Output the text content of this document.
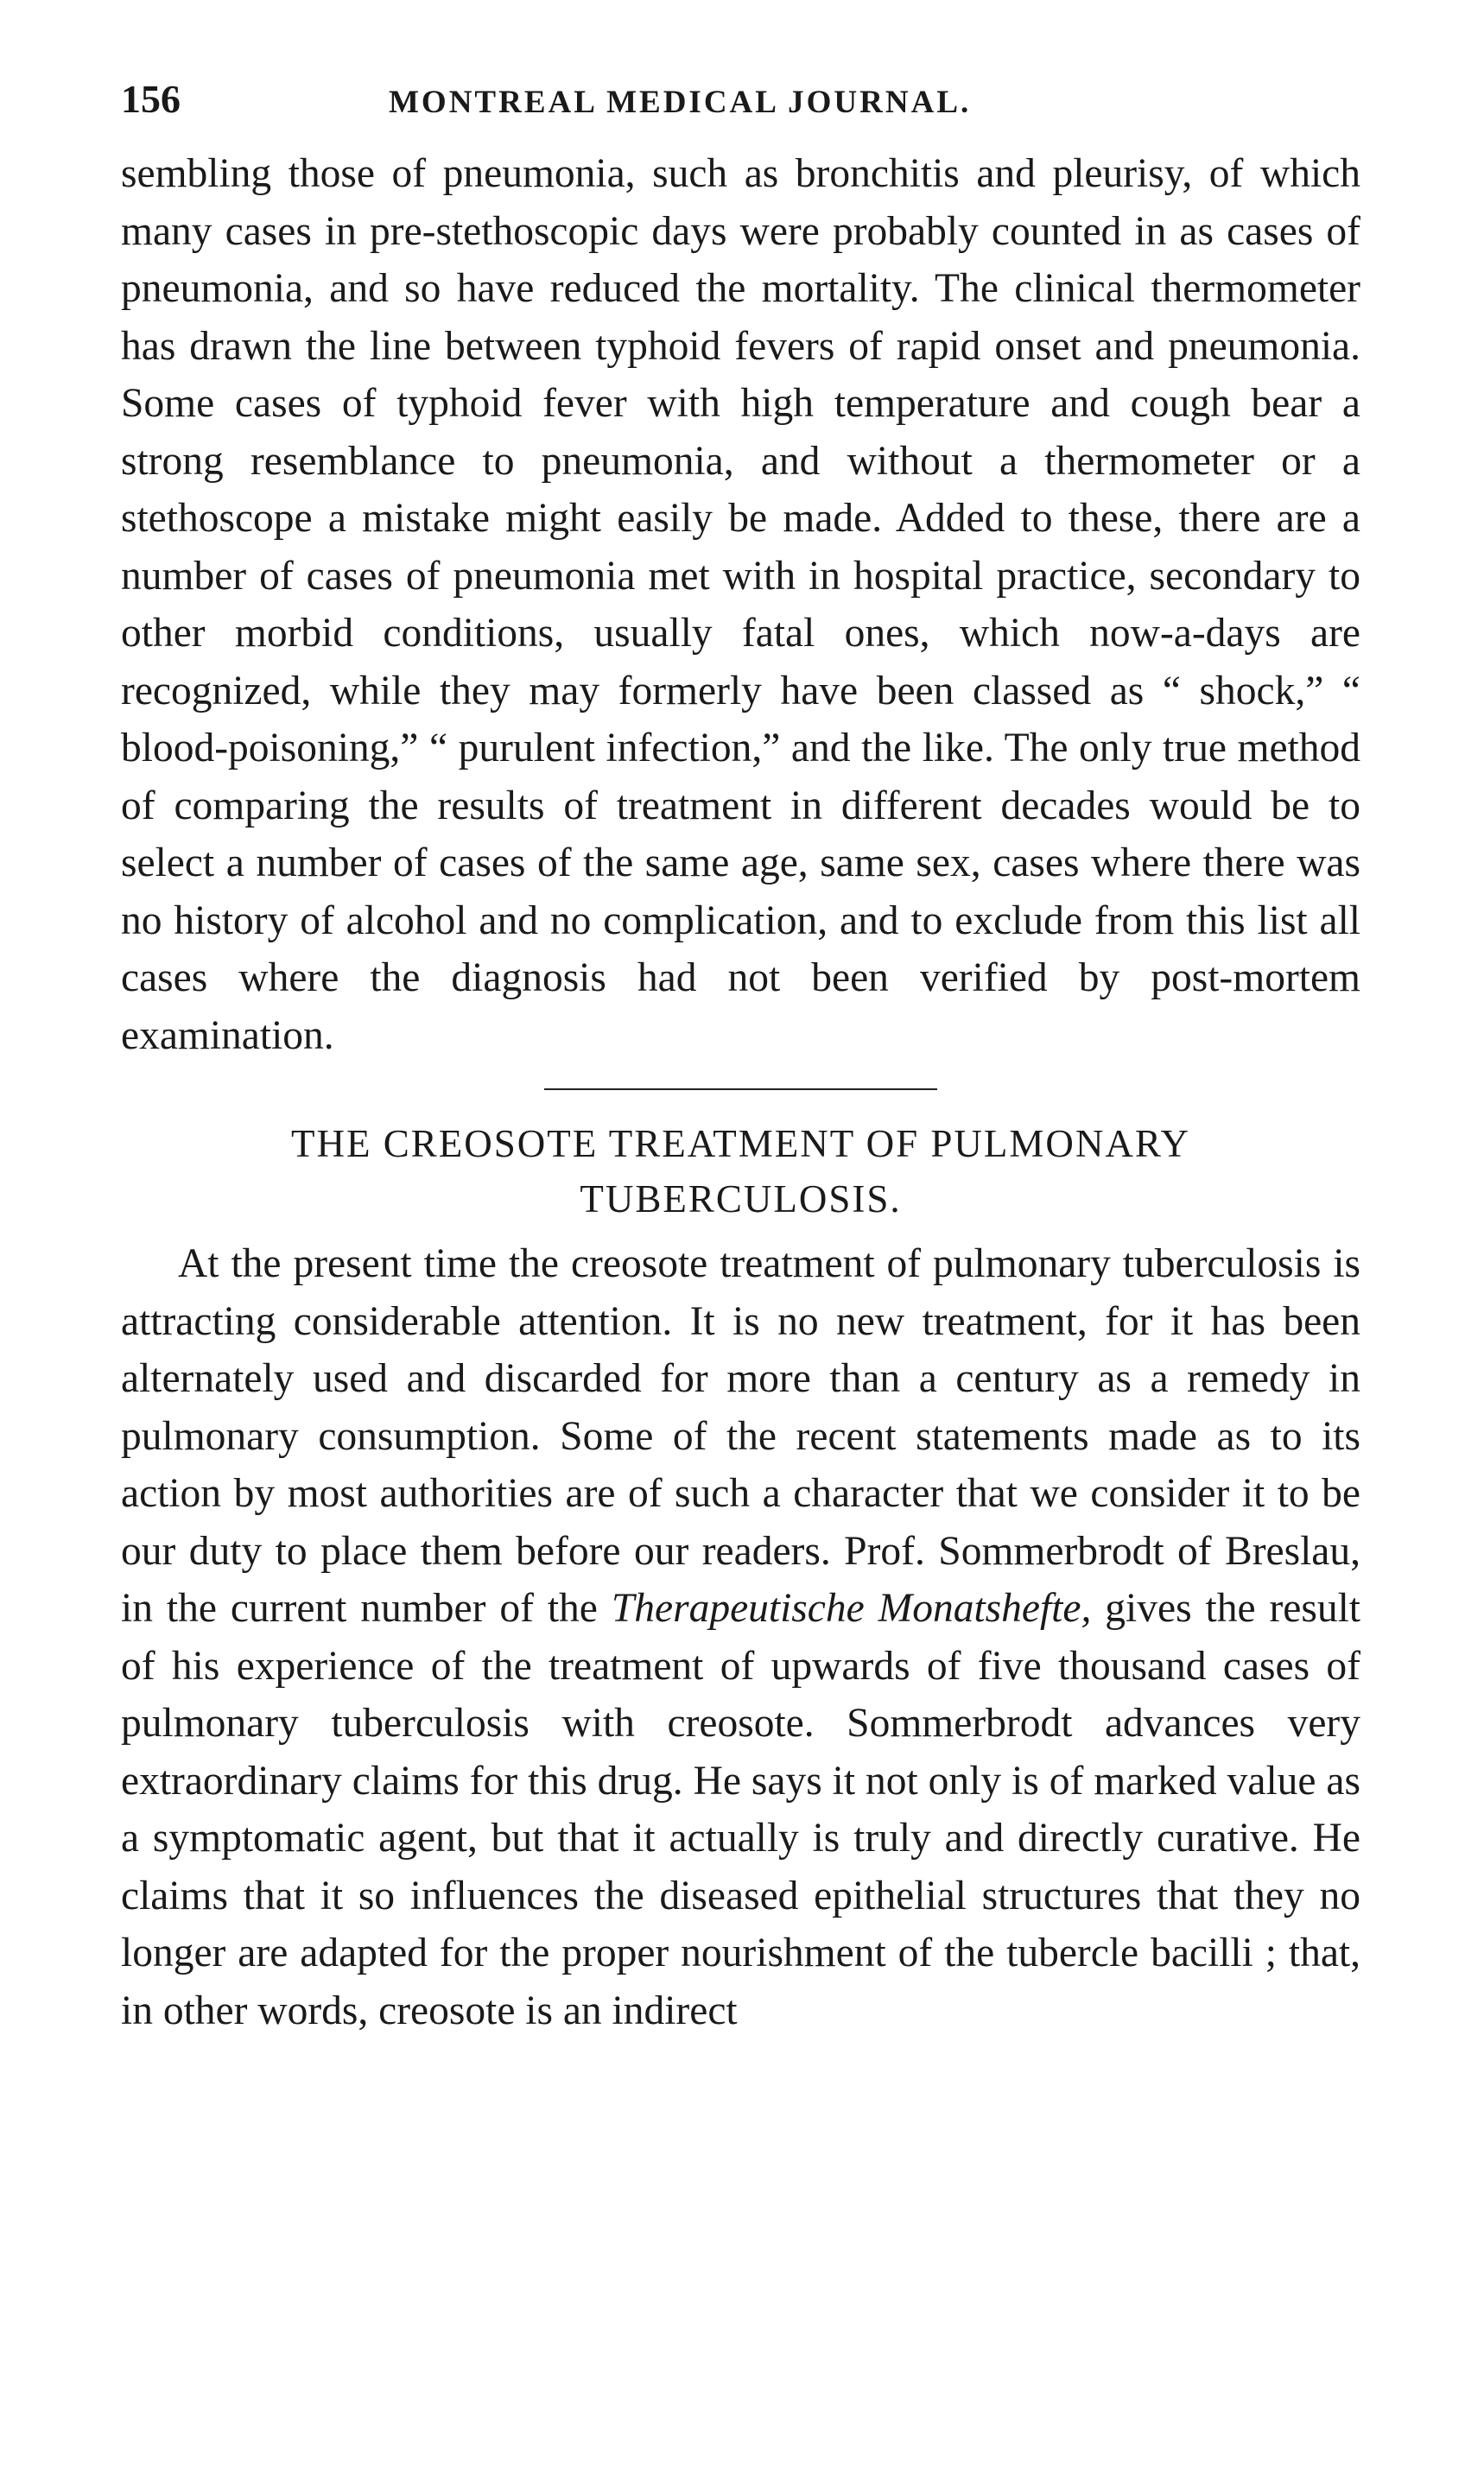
156	MONTREAL MEDICAL JOURNAL.

sembling those of pneumonia, such as bronchitis and pleurisy, of which many cases in pre-stethoscopic days were probably counted in as cases of pneumonia, and so have reduced the mortality. The clinical thermometer has drawn the line between typhoid fevers of rapid onset and pneumonia. Some cases of typhoid fever with high temperature and cough bear a strong resemblance to pneumonia, and without a thermometer or a stethoscope a mistake might easily be made. Added to these, there are a number of cases of pneumonia met with in hospital practice, secondary to other morbid conditions, usually fatal ones, which now-a-days are recognized, while they may formerly have been classed as “ shock,” “ blood-poisoning,” “ purulent infection,” and the like. The only true method of comparing the results of treatment in different decades would be to select a number of cases of the same age, same sex, cases where there was no history of alcohol and no complication, and to exclude from this list all cases where the diagnosis had not been verified by post-mortem examination.

THE CREOSOTE TREATMENT OF PULMONARY
TUBERCULOSIS.

At the present time the creosote treatment of pulmonary tuberculosis is attracting considerable attention. It is no new treatment, for it has been alternately used and discarded for more than a century as a remedy in pulmonary consumption. Some of the recent statements made as to its action by most authorities are of such a character that we consider it to be our duty to place them before our readers. Prof. Sommerbrodt of Breslau, in the current number of the Therapeutische Monatshefte, gives the result of his experience of the treatment of upwards of five thousand cases of pulmonary tuberculosis with creosote. Sommerbrodt advances very extraordinary claims for this drug. He says it not only is of marked value as a symptomatic agent, but that it actually is truly and directly curative. He claims that it so influences the diseased epithelial structures that they no longer are adapted for the proper nourishment of the tubercle bacilli ; that, in other words, creosote is an indirect
